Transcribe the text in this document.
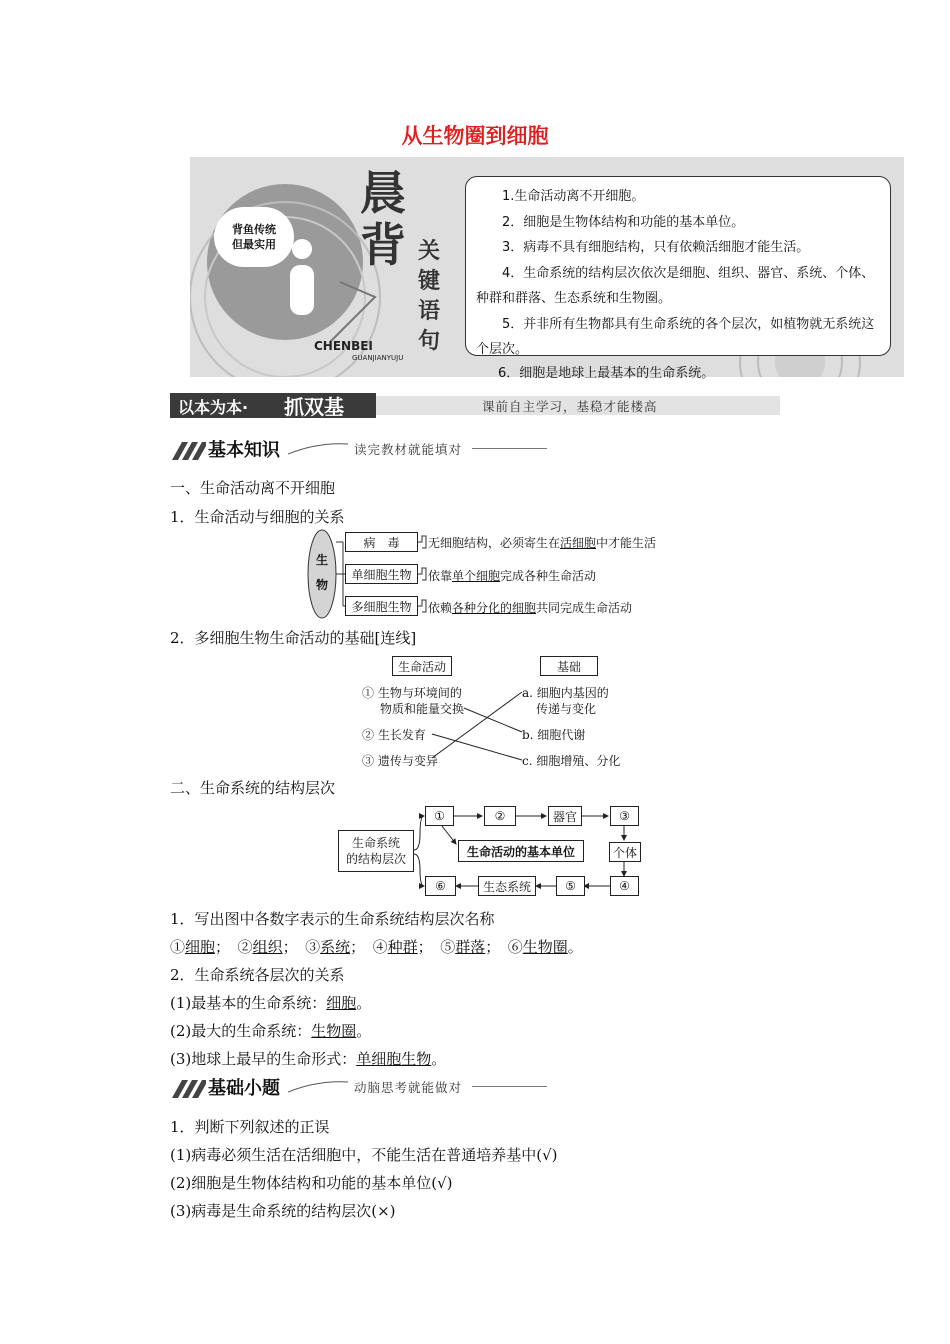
从生物圈到细胞
背鱼传统
但最实用
晨
背 关
键
语
句
CHENBEI
GUANJIANYUJU

1.生命活动离不开细胞。

2．细胞是生物体结构和功能的基本单位。

3．病毒不具有细胞结构，只有依赖活细胞才能生活。

4．生命系统的结构层次依次是细胞、组织、器官、系统、个体、种群和群落、生态系统和生物圈。

5．并非所有生物都具有生命系统的各个层次，如植物就无系统这个层次。

6．细胞是地球上最基本的生命系统。
以本为本· 抓双基	课前自主学习，基稳才能楼高
基本知识	读完教材就能填对
一、生命活动离不开细胞
1．生命活动与细胞的关系
生物
病　毒
单细胞生物
多细胞生物
无细胞结构，必须寄生在活细胞中才能生活
依靠单个细胞完成各种生命活动
依赖各种分化的细胞共同完成生命活动
2．多细胞生物生命活动的基础[连线]
生命活动	基础
① 生物与环境间的
物质和能量交换
② 生长发育
③ 遗传与变异
a. 细胞内基因的
传递与变化
b. 细胞代谢
c. 细胞增殖、分化
二、生命系统的结构层次
生命系统
的结构层次
①	②	器官	③
生命活动的基本单位	个体
⑥	生态系统	⑤	④
1．写出图中各数字表示的生命系统结构层次名称
①细胞；　②组织；　③系统；　④种群；　⑤群落；　⑥生物圈。
2．生命系统各层次的关系
(1)最基本的生命系统：细胞。
(2)最大的生命系统：生物圈。
(3)地球上最早的生命形式：单细胞生物。
基础小题	动脑思考就能做对
1．判断下列叙述的正误
(1)病毒必须生活在活细胞中，不能生活在普通培养基中(√)
(2)细胞是生物体结构和功能的基本单位(√)
(3)病毒是生命系统的结构层次(×)
